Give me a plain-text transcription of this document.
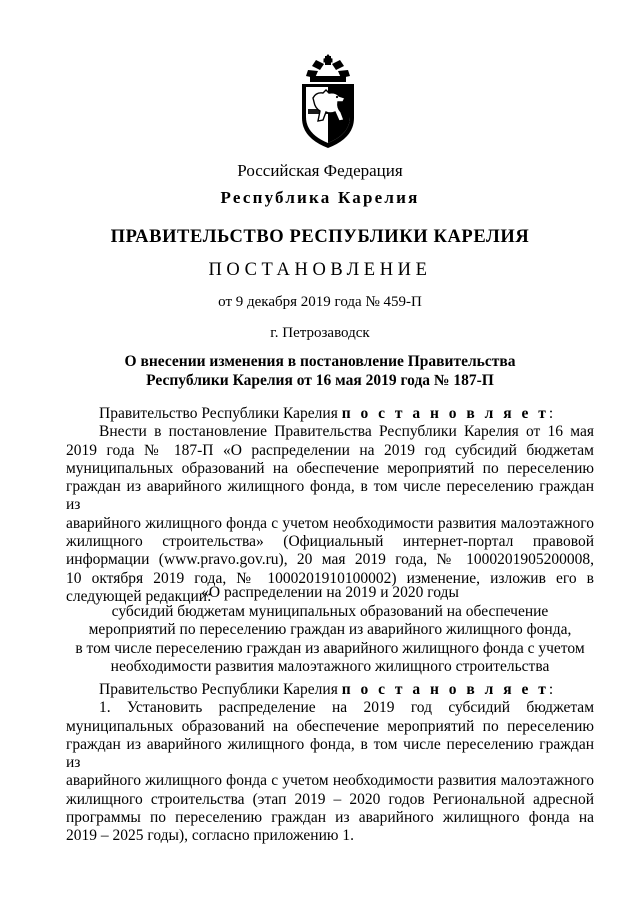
Российская Федерация
Республика Карелия
ПРАВИТЕЛЬСТВО РЕСПУБЛИКИ КАРЕЛИЯ
ПОСТАНОВЛЕНИЕ
от 9 декабря 2019 года № 459-П
г. Петрозаводск
О внесении изменения в постановление Правительства
Республики Карелия от 16 мая 2019 года № 187-П

Правительство Республики Карелия п о с т а н о в л я е т:

Внести в постановление Правительства Республики Карелия от 16 мая

2019 года № 187-П «О распределении на 2019 год субсидий бюджетам

муниципальных образований на обеспечение мероприятий по переселению

граждан из аварийного жилищного фонда, в том числе переселению граждан из

аварийного жилищного фонда с учетом необходимости развития малоэтажного

жилищного строительства» (Официальный интернет-портал правовой

информации (www.pravo.gov.ru), 20 мая 2019 года, № 1000201905200008,

10 октября 2019 года, № 1000201910100002) изменение, изложив его в

следующей редакции:

«О распределении на 2019 и 2020 годы

субсидий бюджетам муниципальных образований на обеспечение

мероприятий по переселению граждан из аварийного жилищного фонда,

в том числе переселению граждан из аварийного жилищного фонда с учетом

необходимости развития малоэтажного жилищного строительства

Правительство Республики Карелия п о с т а н о в л я е т:

1. Установить распределение на 2019 год субсидий бюджетам

муниципальных образований на обеспечение мероприятий по переселению

граждан из аварийного жилищного фонда, в том числе переселению граждан из

аварийного жилищного фонда с учетом необходимости развития малоэтажного

жилищного строительства (этап 2019 – 2020 годов Региональной адресной

программы по переселению граждан из аварийного жилищного фонда на

2019 – 2025 годы), согласно приложению 1.
